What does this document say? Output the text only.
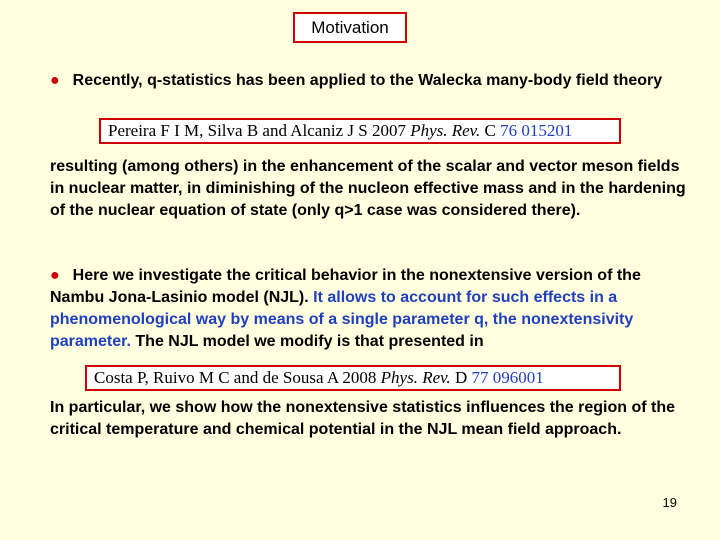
Motivation

● Recently, q-statistics has been applied to the Walecka many-body field theory

Pereira F I M, Silva B and Alcaniz J S 2007 Phys. Rev. C 76 015201

resulting (among others) in the enhancement of the scalar and vector meson fields in nuclear matter, in diminishing of the nucleon effective mass and in the hardening of the nuclear equation of state (only q>1 case was considered there).

● Here we investigate the critical behavior in the nonextensive version of the Nambu Jona-Lasinio model (NJL). It allows to account for such effects in a phenomenological way by means of a single parameter q, the nonextensivity parameter. The NJL model we modify is that presented in

Costa P, Ruivo M C and de Sousa A 2008 Phys. Rev. D 77 096001

In particular, we show how the nonextensive statistics influences the region of the critical temperature and chemical potential in the NJL mean field approach.

19
